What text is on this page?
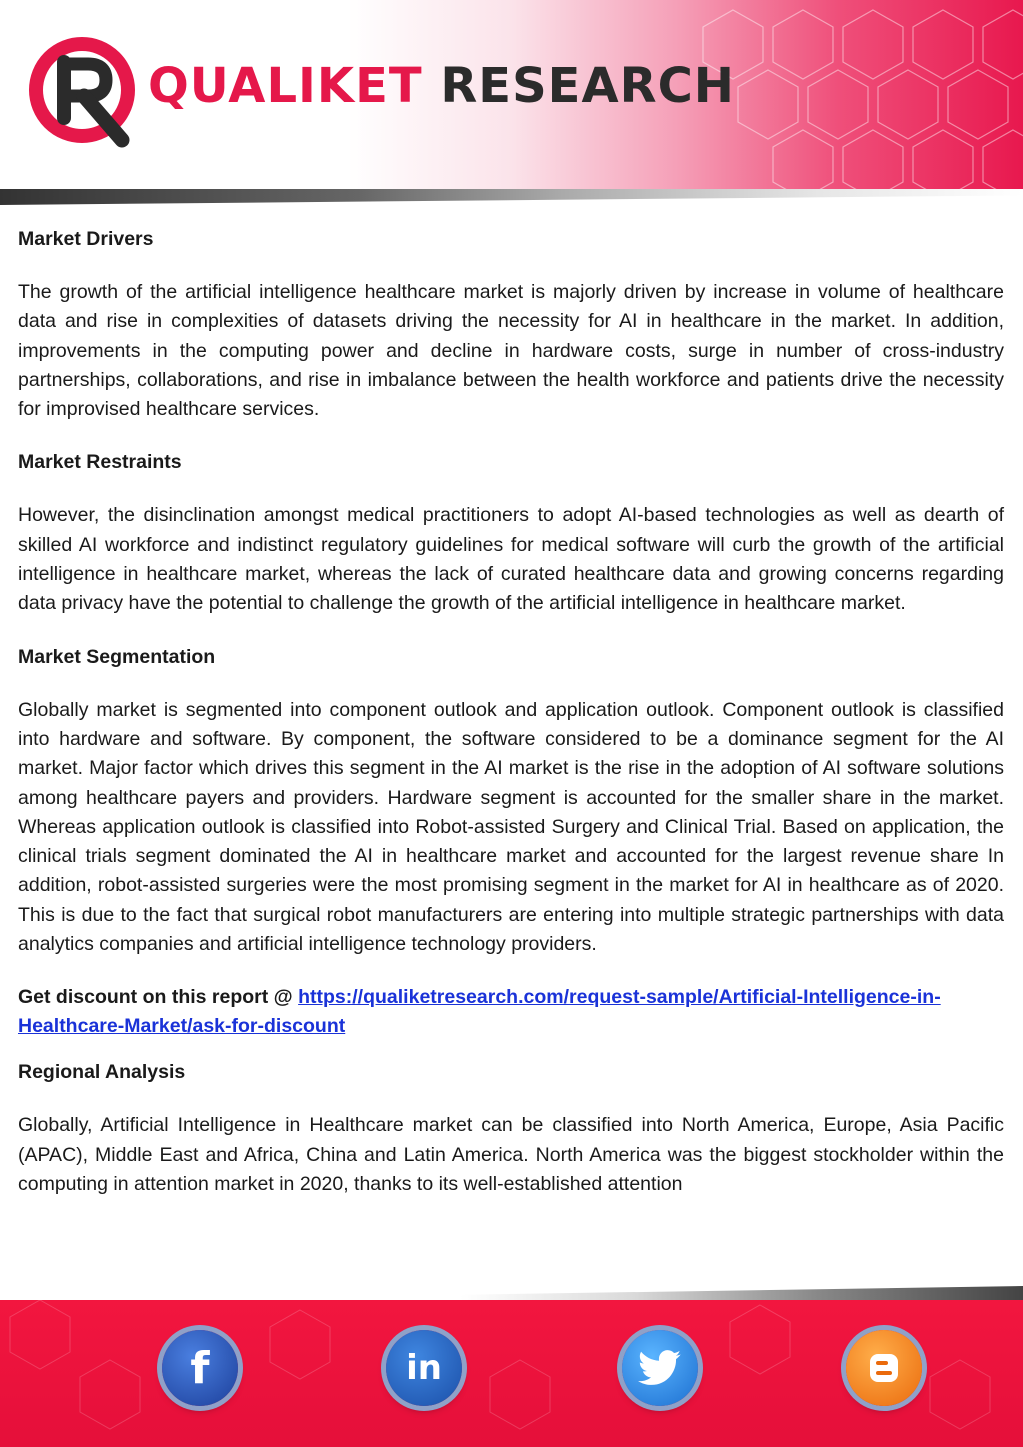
QUALIKET RESEARCH
Market Drivers

The growth of the artificial intelligence healthcare market is majorly driven by increase in volume of healthcare data and rise in complexities of datasets driving the necessity for AI in healthcare in the market. In addition, improvements in the computing power and decline in hardware costs, surge in number of cross-industry partnerships, collaborations, and rise in imbalance between the health workforce and patients drive the necessity for improvised healthcare services.

Market Restraints

However, the disinclination amongst medical practitioners to adopt AI-based technologies as well as dearth of skilled AI workforce and indistinct regulatory guidelines for medical software will curb the growth of the artificial intelligence in healthcare market, whereas the lack of curated healthcare data and growing concerns regarding data privacy have the potential to challenge the growth of the artificial intelligence in healthcare market.

Market Segmentation

Globally market is segmented into component outlook and application outlook. Component outlook is classified into hardware and software. By component, the software considered to be a dominance segment for the AI market. Major factor which drives this segment in the AI market is the rise in the adoption of AI software solutions among healthcare payers and providers. Hardware segment is accounted for the smaller share in the market. Whereas application outlook is classified into Robot-assisted Surgery and Clinical Trial. Based on application, the clinical trials segment dominated the AI in healthcare market and accounted for the largest revenue share In addition, robot-assisted surgeries were the most promising segment in the market for AI in healthcare as of 2020. This is due to the fact that surgical robot manufacturers are entering into multiple strategic partnerships with data analytics companies and artificial intelligence technology providers.

Get discount on this report @ https://qualiketresearch.com/request-sample/Artificial-Intelligence-in-Healthcare-Market/ask-for-discount
Regional Analysis

Globally, Artificial Intelligence in Healthcare market can be classified into North America, Europe, Asia Pacific (APAC), Middle East and Africa, China and Latin America. North America was the biggest stockholder within the computing in attention market in 2020, thanks to its well-established attention

f	in
